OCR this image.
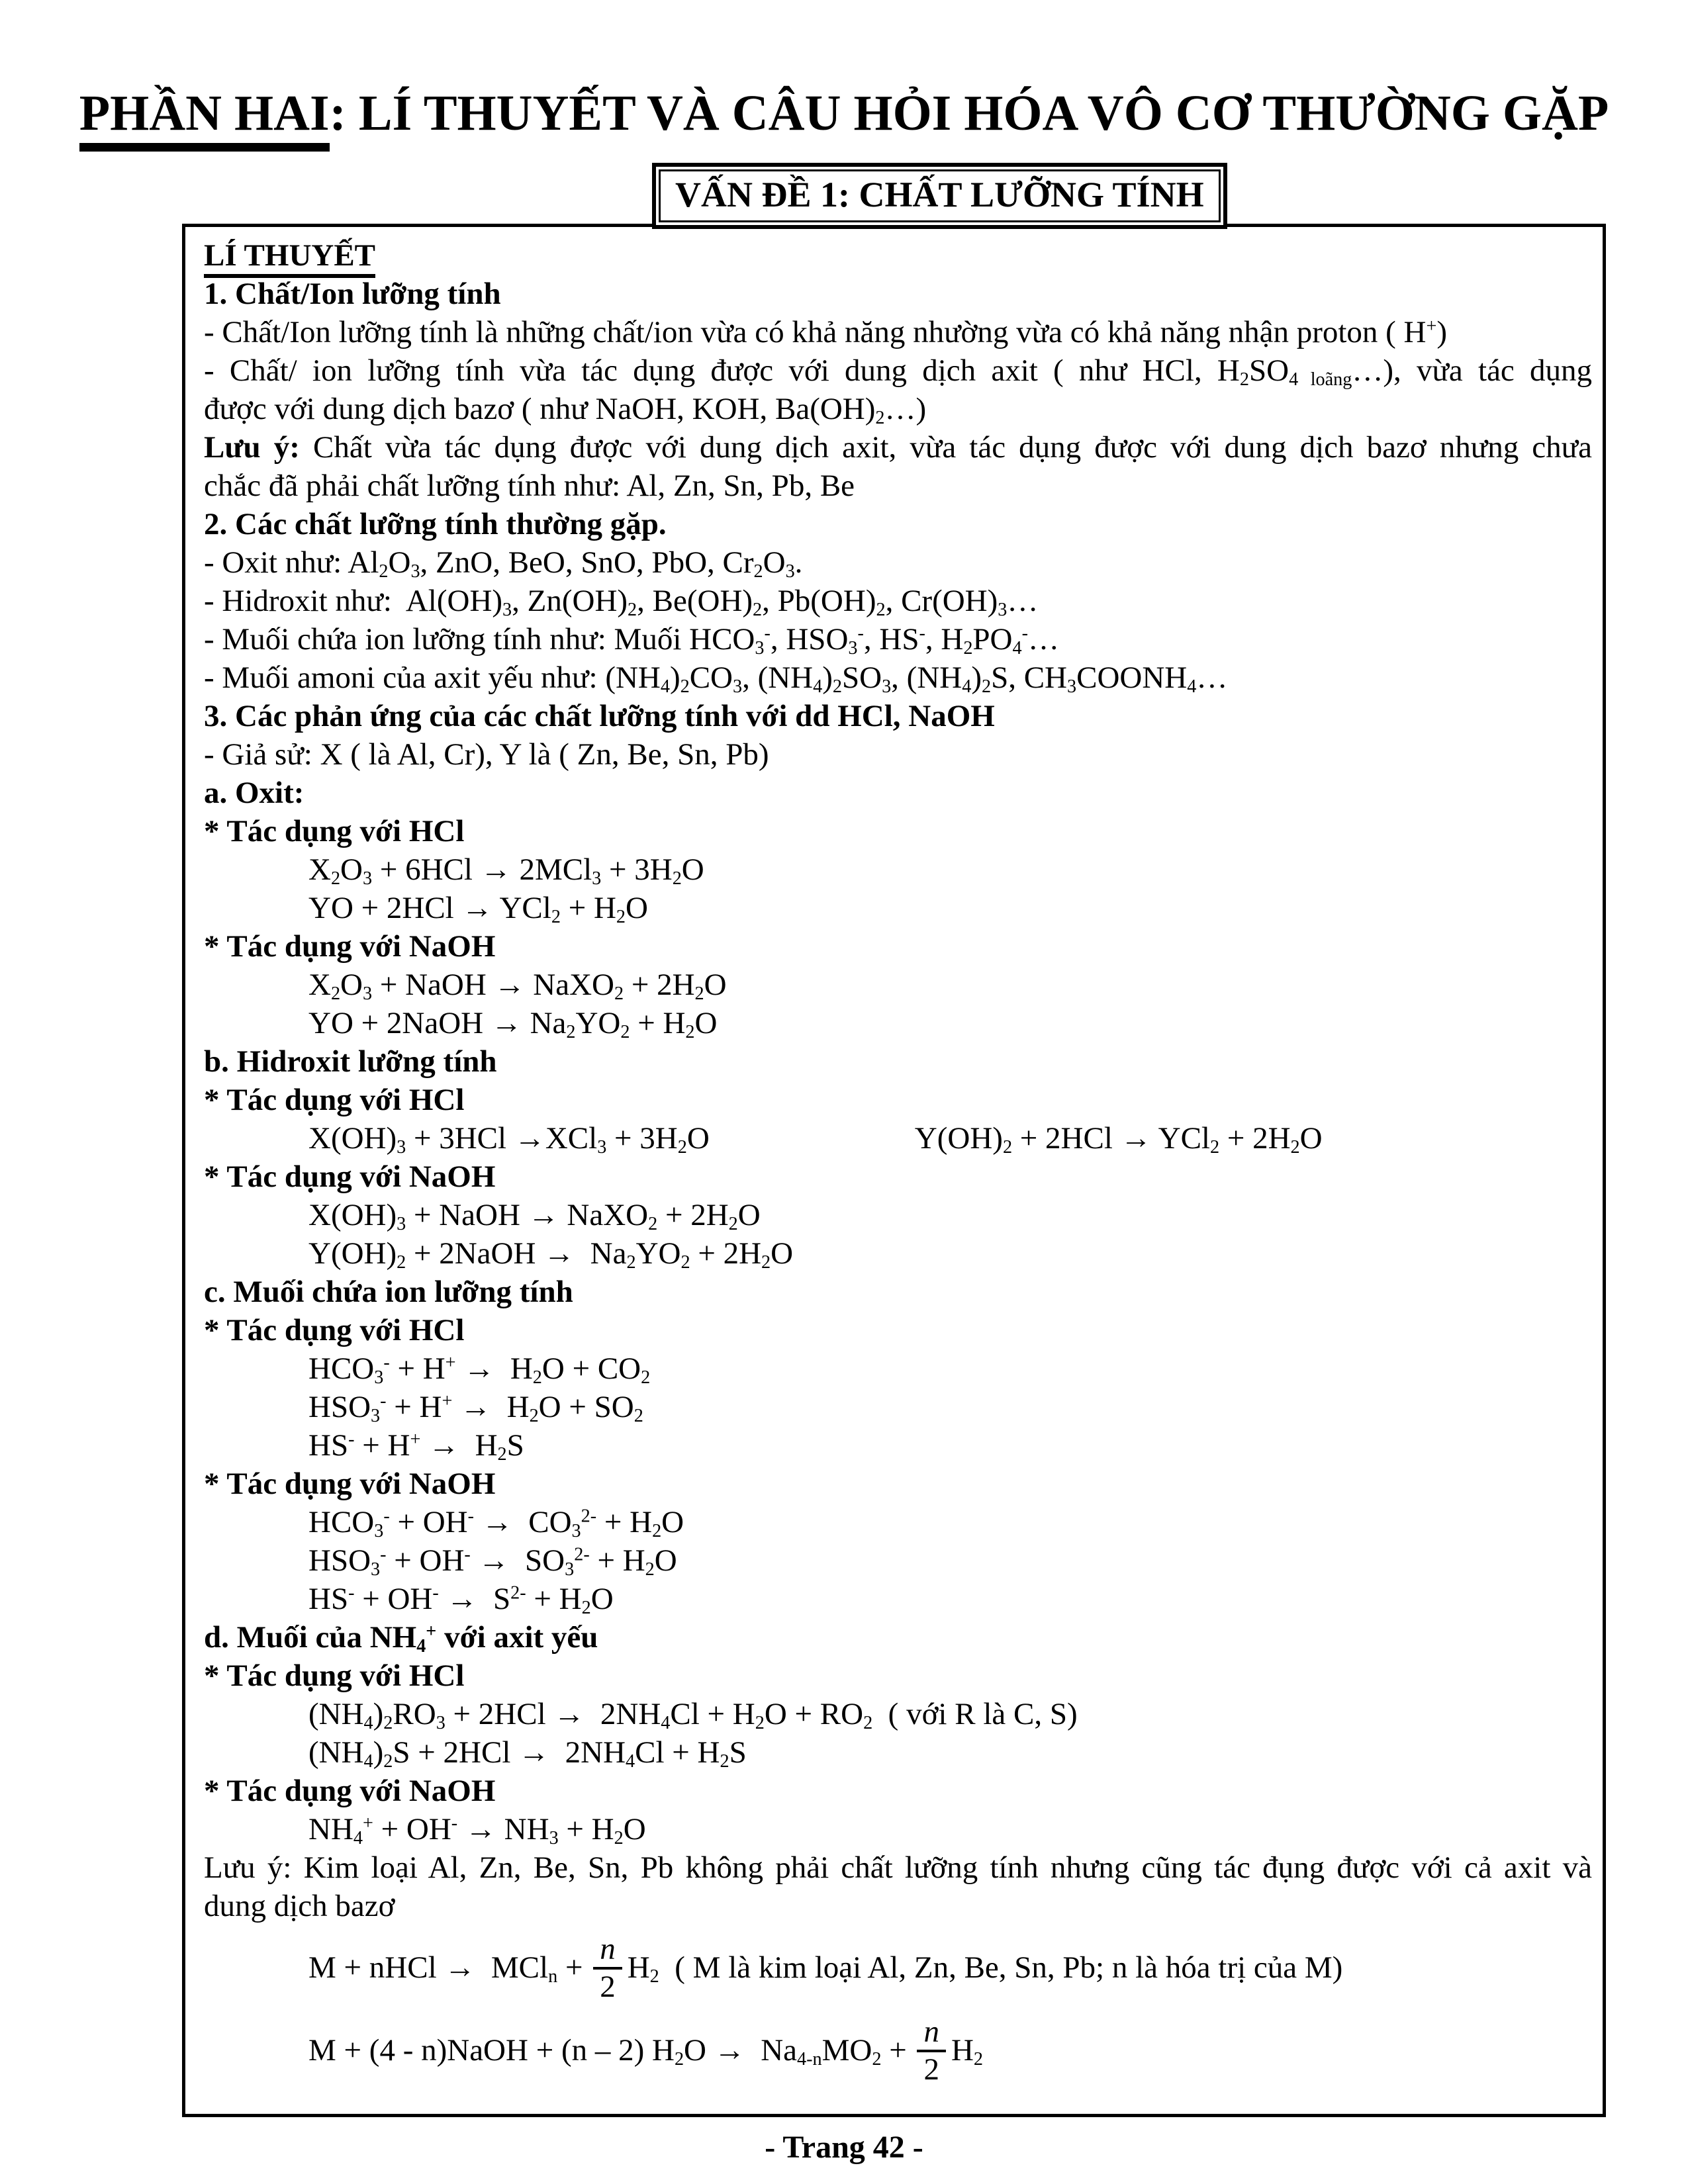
PHẦN HAI: LÍ THUYẾT VÀ CÂU HỎI HÓA VÔ CƠ THƯỜNG GẶP
VẤN ĐỀ 1: CHẤT LƯỠNG TÍNH
LÍ THUYẾT
1. Chất/Ion lưỡng tính
- Chất/Ion lưỡng tính là những chất/ion vừa có khả năng nhường vừa có khả năng nhận proton ( H+)
- Chất/ ion lưỡng tính vừa tác dụng được với dung dịch axit ( như HCl, $H_2SO_{4 loãng}\dots$), vừa tác dụng
được với dung dịch bazơ ( như NaOH, KOH, $Ba(OH)_2\dots$)
Lưu ý: Chất vừa tác dụng được với dung dịch axit, vừa tác dụng được với dung dịch bazơ nhưng chưa
chắc đã phải chất lưỡng tính như: Al, Zn, Sn, Pb, Be
2. Các chất lưỡng tính thường gặp.
- Oxit như: $Al_2O_3$, ZnO, BeO, SnO, PbO, $Cr_2O_3$.
- Hidroxit như:  $Al(OH)_3$, $Zn(OH)_2$, $Be(OH)_2$, $Pb(OH)_2$, $Cr(OH)_3\dots$
- Muối chứa ion lưỡng tính như: Muối $HCO_3^-$, $HSO_3^-$, HS-, $H_2PO_4^-\dots$
- Muối amoni của axit yếu như: $(NH_4)_2CO_3$, $(NH_4)_2SO_3$, $(NH_4)_2S$, $CH_3COONH_4\dots$
3. Các phản ứng của các chất lưỡng tính với dd HCl, NaOH
- Giả sử: X ( là Al, Cr), Y là ( Zn, Be, Sn, Pb)
a. Oxit:
* Tác dụng với HCl
$X_2O_3 + 6HCl \to 2MCl_3 + 3H_2O$
YO + $2HCl \to YCl_2 + H_2O$
* Tác dụng với NaOH
$X_2O_3$ + NaOH → NaXO$_2$ + $2H_2O$
YO + 2NaOH → $Na_2YO_2 + H_2O$
b. Hidroxit lưỡng tính
* Tác dụng với HCl
$X(OH)_3 + 3HCl \to XCl_3 + 3H_2O$	$Y(OH)_2 + 2HCl \to YCl_2 + 2H_2O$
* Tác dụng với NaOH
$X(OH)_3$ + NaOH → NaXO$_2$ + $2H_2O$
$Y(OH)_2$ + 2NaOH →  $Na_2YO_2 + 2H_2O$
c. Muối chứa ion lưỡng tính
* Tác dụng với HCl
$HCO_3^- + H^+ \to H_2O + CO_2$
$HSO_3^- + H^+ \to H_2O + SO_2$
$HS^- + H^+ \to H_2S$
* Tác dụng với NaOH
$HCO_3^- + OH^- \to CO_3^{2-} + H_2O$
$HSO_3^- + OH^- \to SO_3^{2-} + H_2O$
$HS^- + OH^- \to S^{2-} + H_2O$
d. Muối của $NH_4^+$ với axit yếu
* Tác dụng với HCl
$(NH_4)_2RO_3 + 2HCl \to 2NH_4Cl + H_2O + RO_2$  ( với R là C, S)
$(NH_4)_2S + 2HCl \to 2NH_4Cl + H_2S$
* Tác dụng với NaOH
$NH_4^+ + OH^- \to NH_3 + H_2O$
Lưu ý: Kim loại Al, Zn, Be, Sn, Pb không phải chất lưỡng tính nhưng cũng tác đụng được với cả axit và
dung dịch bazơ
M + nHCl →  $MCl_n + \frac{n}{2} H_2$  ( M là kim loại Al, Zn, Be, Sn, Pb; n là hóa trị của M)
M + (4 - n)NaOH + (n – 2) $H_2O \to Na_{4-n}MO_2 + \frac{n}{2} H_2$
- Trang 42 -
